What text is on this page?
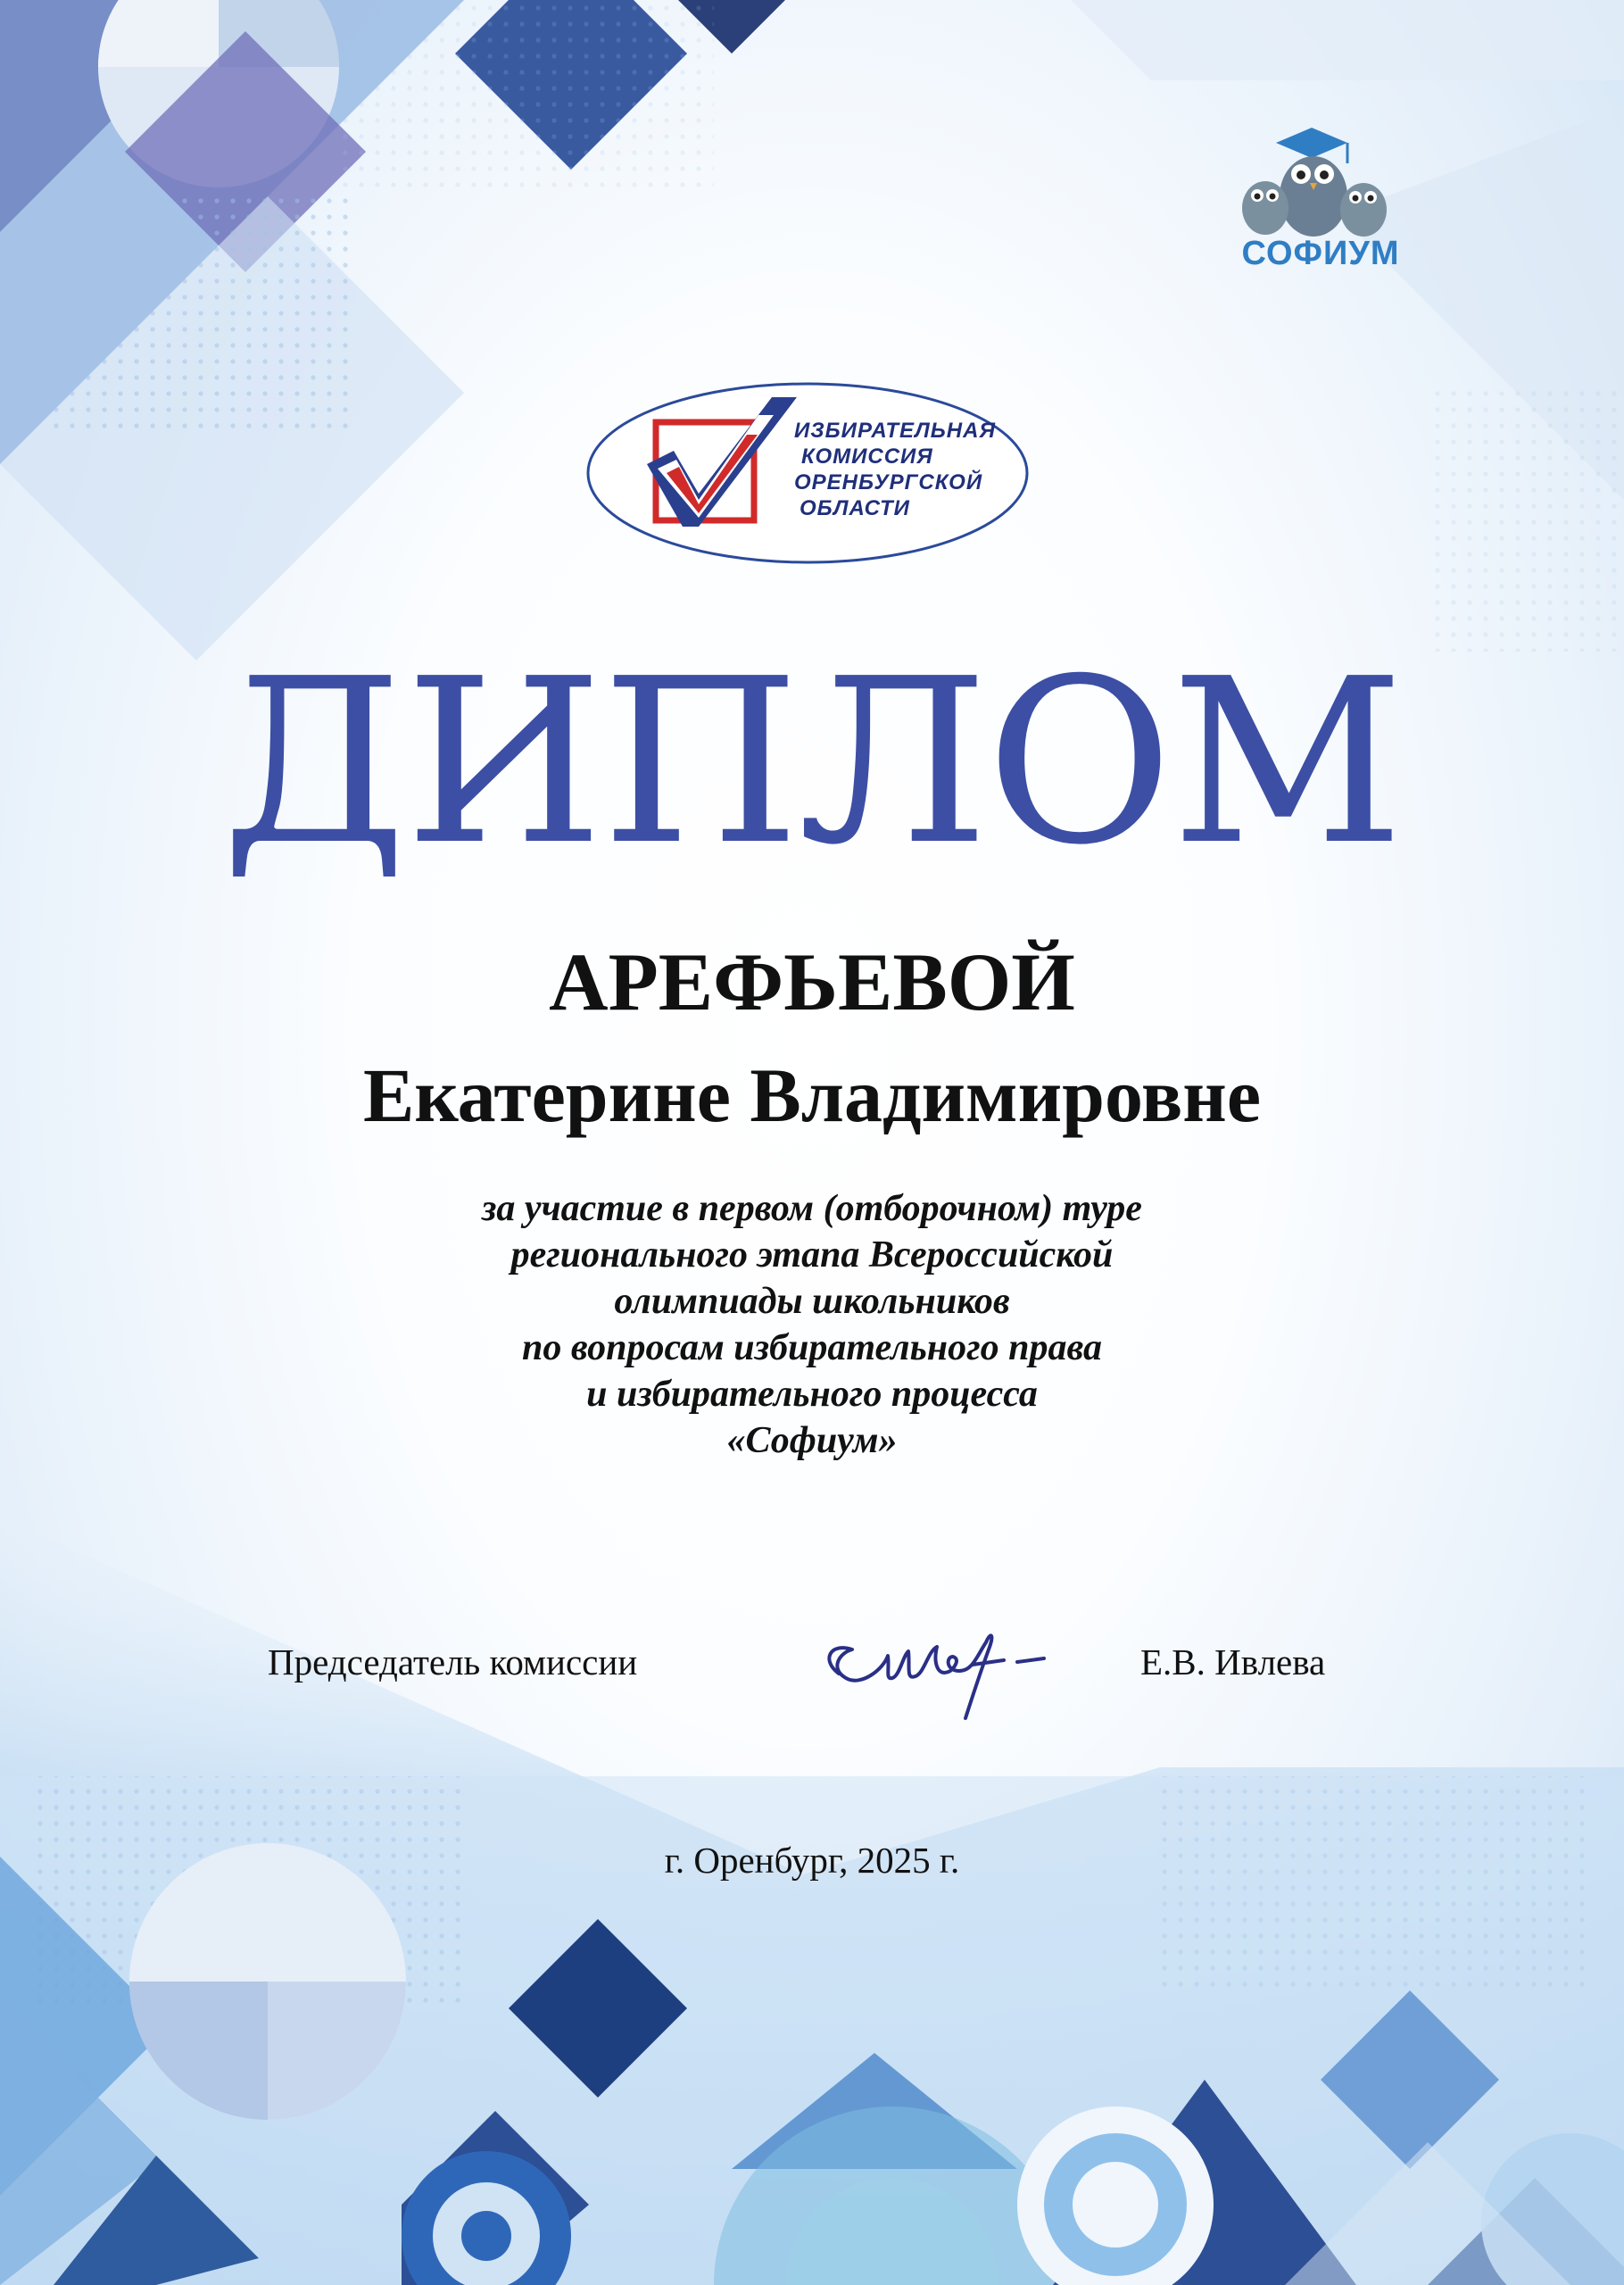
СОФИУМ
ИЗБИРАТЕЛЬНАЯ
КОМИССИЯ
ОРЕНБУРГСКОЙ
ОБЛАСТИ
ДИПЛОМ
АРЕФЬЕВОЙ
Екатерине Владимировне
за участие в первом (отборочном) туре
регионального этапа Всероссийской
олимпиады школьников
по вопросам избирательного права
и избирательного процесса
«Софиум»
Председатель комиссии	Е.В. Ивлева
г. Оренбург, 2025 г.
